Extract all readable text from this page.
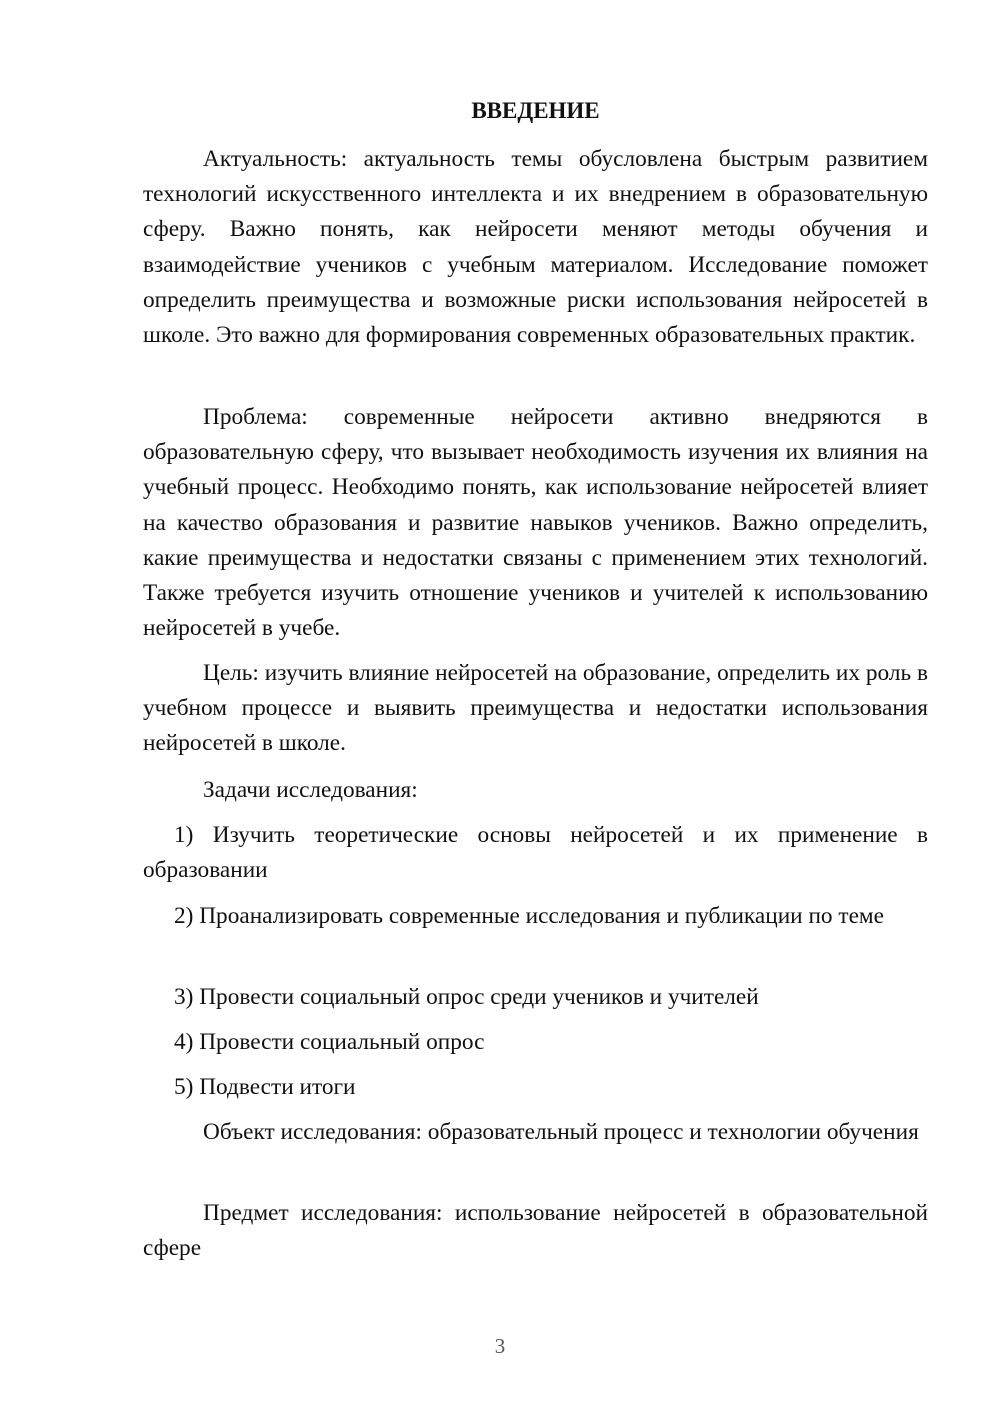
ВВЕДЕНИЕ

Актуальность: актуальность темы обусловлена быстрым развитием технологий искусственного интеллекта и их внедрением в образовательную сферу. Важно понять, как нейросети меняют методы обучения и взаимодействие учеников с учебным материалом. Исследование поможет определить преимущества и возможные риски использования нейросетей в школе. Это важно для формирования современных образовательных практик.

Проблема: современные нейросети активно внедряются в образовательную сферу, что вызывает необходимость изучения их влияния на учебный процесс. Необходимо понять, как использование нейросетей влияет на качество образования и развитие навыков учеников. Важно определить, какие преимущества и недостатки связаны с применением этих технологий. Также требуется изучить отношение учеников и учителей к использованию нейросетей в учебе.

Цель: изучить влияние нейросетей на образование, определить их роль в учебном процессе и выявить преимущества и недостатки использования нейросетей в школе.

Задачи исследования:

1) Изучить теоретические основы нейросетей и их применение в образовании

2) Проанализировать современные исследования и публикации по теме

3) Провести социальный опрос среди учеников и учителей

4) Провести социальный опрос

5) Подвести итоги

Объект исследования: образовательный процесс и технологии обучения

Предмет исследования: использование нейросетей в образовательной сфере

3
